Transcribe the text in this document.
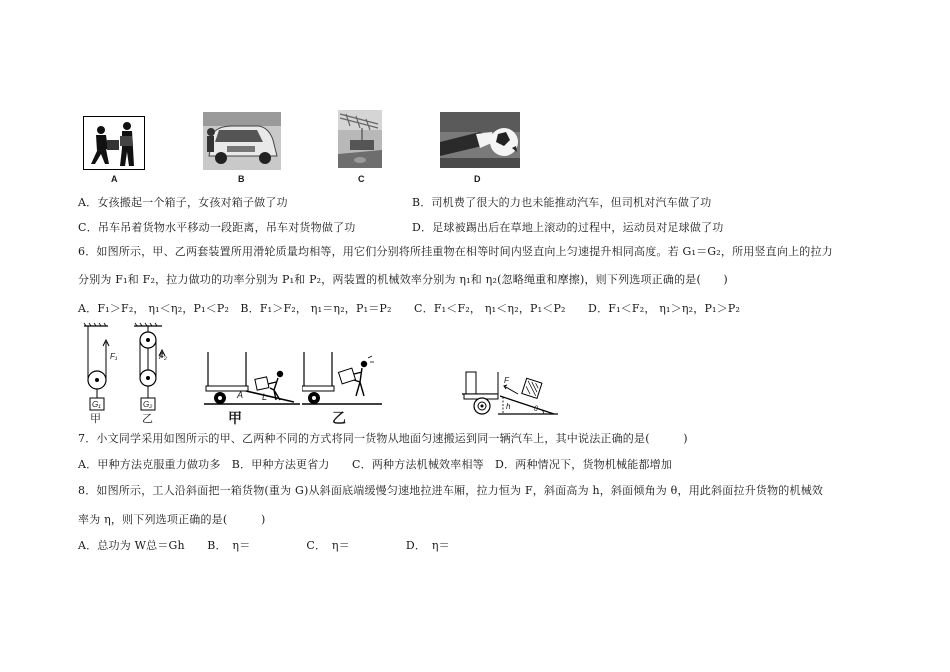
A	B	C	D
A．女孩搬起一个箱子，女孩对箱子做了功	B．司机费了很大的力也未能推动汽车，但司机对汽车做了功
C．吊车吊着货物水平移动一段距离，吊车对货物做了功	D．足球被踢出后在草地上滚动的过程中，运动员对足球做了功
6．如图所示，甲、乙两套装置所用滑轮质量均相等，用它们分别将所挂重物在相等时间内竖直向上匀速提升相同高度。若 G₁＝G₂，所用竖直向上的拉力
分别为 F₁和 F₂，拉力做功的功率分别为 P₁和 P₂，两装置的机械效率分别为 η₁和 η₂(忽略绳重和摩擦)，则下列选项正确的是(　　)
A．F₁＞F₂， η₁＜η₂，P₁＜P₂　B．F₁＞F₂， η₁＝η₂，P₁＝P₂　　C．F₁＜F₂， η₁＜η₂，P₁＜P₂　　D．F₁＜F₂， η₁＞η₂，P₁＞P₂
F₁	F₂
G₁	G₂
甲	乙
A L
甲	乙
F
h	θ
7．小文同学采用如图所示的甲、乙两种不同的方式将同一货物从地面匀速搬运到同一辆汽车上，其中说法正确的是(　　　)
A．甲种方法克服重力做功多　B．甲种方法更省力　　C．两种方法机械效率相等　D．两种情况下，货物机械能都增加
8．如图所示，工人沿斜面把一箱货物(重为 G)从斜面底端缓慢匀速地拉进车厢，拉力恒为 F，斜面高为 h，斜面倾角为 θ，用此斜面拉升货物的机械效
率为 η，则下列选项正确的是(　　　)
A．总功为 W总＝Gh　　B．　η＝　　　　　C．　η＝　　　　　D．　η＝
